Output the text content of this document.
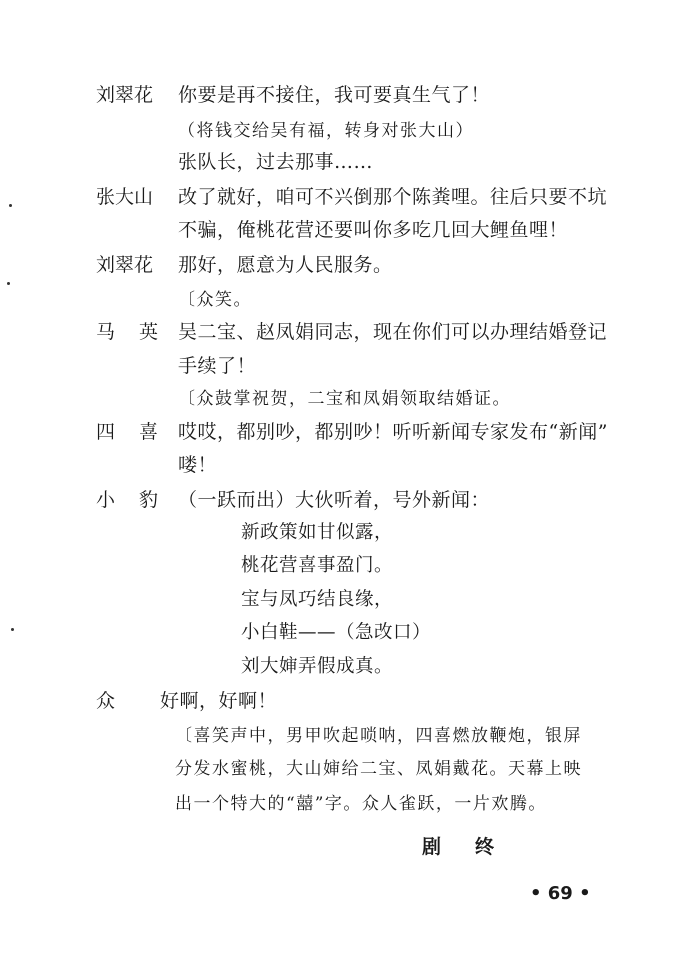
刘翠花 你要是再不接住，我可要真生气了！
（将钱交给吴有福，转身对张大山）
张队长，过去那事……
张大山 改了就好，咱可不兴倒那个陈粪哩。往后只要不坑
不骗，俺桃花营还要叫你多吃几回大鲤鱼哩！
刘翠花 那好，愿意为人民服务。
〔众笑。
马英
吴二宝、赵凤娟同志，现在你们可以办理结婚登记
手续了！
〔众鼓掌祝贺，二宝和凤娟领取结婚证。
四喜
哎哎，都别吵，都别吵！听听新闻专家发布“新闻”
喽！
小豹
（一跃而出）大伙听着，号外新闻：
新政策如甘似露，
桃花营喜事盈门。
宝与凤巧结良缘，
小白鞋——（急改口）
刘大婶弄假成真。
众 好啊，好啊！
〔喜笑声中，男甲吹起唢呐，四喜燃放鞭炮，银屏
分发水蜜桃，大山婶给二宝、凤娟戴花。天幕上映
出一个特大的“囍”字。众人雀跃，一片欢腾。
剧终
• 69 •
